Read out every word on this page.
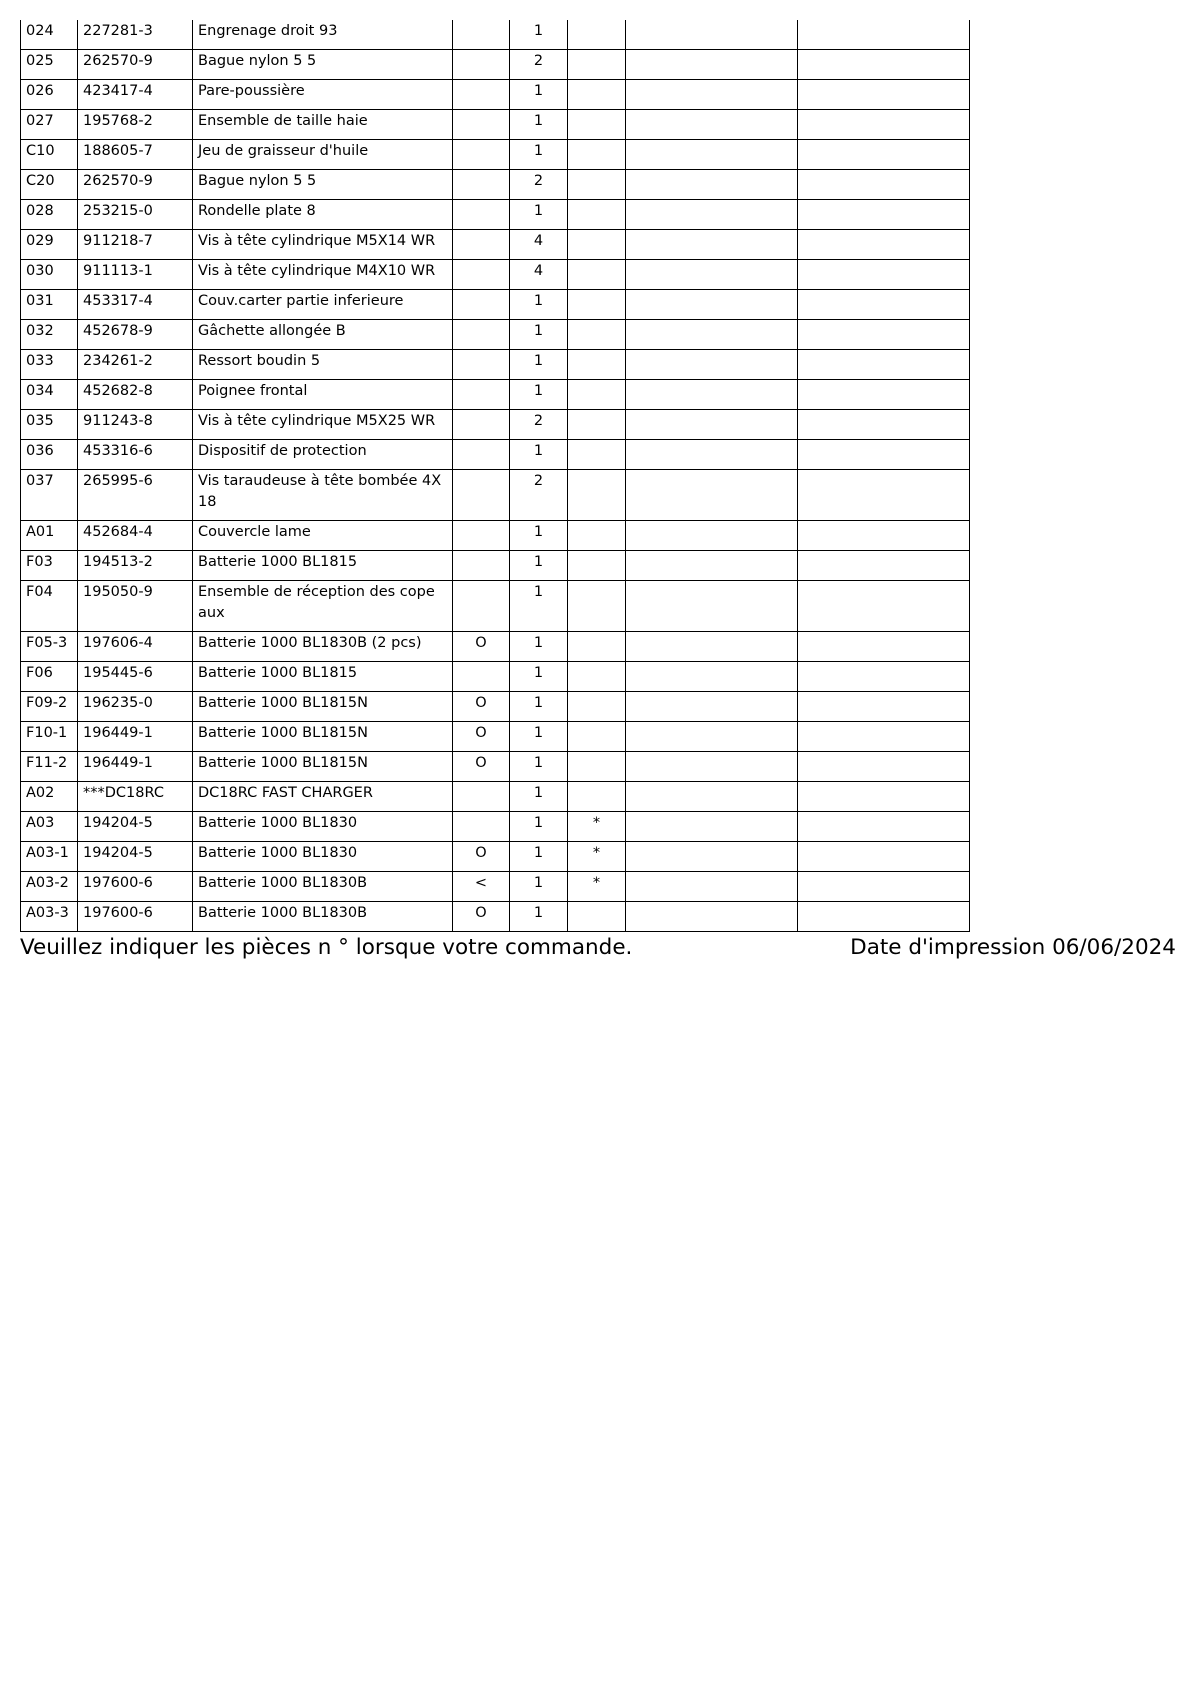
024	227281-3	Engrenage droit 93		1			
025	262570-9	Bague nylon 5 5		2			
026	423417-4	Pare-poussière		1			
027	195768-2	Ensemble de taille haie		1			
C10	188605-7	Jeu de graisseur d'huile		1			
C20	262570-9	Bague nylon 5 5		2			
028	253215-0	Rondelle plate 8		1			
029	911218-7	Vis à tête cylindrique M5X14 WR		4			
030	911113-1	Vis à tête cylindrique M4X10 WR		4			
031	453317-4	Couv.carter partie inferieure		1			
032	452678-9	Gâchette allongée B		1			
033	234261-2	Ressort boudin 5		1			
034	452682-8	Poignee frontal		1			
035	911243-8	Vis à tête cylindrique M5X25 WR		2			
036	453316-6	Dispositif de protection		1			
037	265995-6	Vis taraudeuse à tête bombée 4X 18		2			
A01	452684-4	Couvercle lame		1			
F03	194513-2	Batterie 1000 BL1815		1			
F04	195050-9	Ensemble de réception des cope aux		1			
F05-3	197606-4	Batterie 1000 BL1830B (2 pcs)	O	1			
F06	195445-6	Batterie 1000 BL1815		1			
F09-2	196235-0	Batterie 1000 BL1815N	O	1			
F10-1	196449-1	Batterie 1000 BL1815N	O	1			
F11-2	196449-1	Batterie 1000 BL1815N	O	1			
A02	***DC18RC	DC18RC FAST CHARGER		1			
A03	194204-5	Batterie 1000 BL1830		1	*		
A03-1	194204-5	Batterie 1000 BL1830	O	1	*		
A03-2	197600-6	Batterie 1000 BL1830B	<	1	*		
A03-3	197600-6	Batterie 1000 BL1830B	O	1			
Veuillez indiquer les pièces n ° lorsque votre commande.	Date d'impression 06/06/2024
